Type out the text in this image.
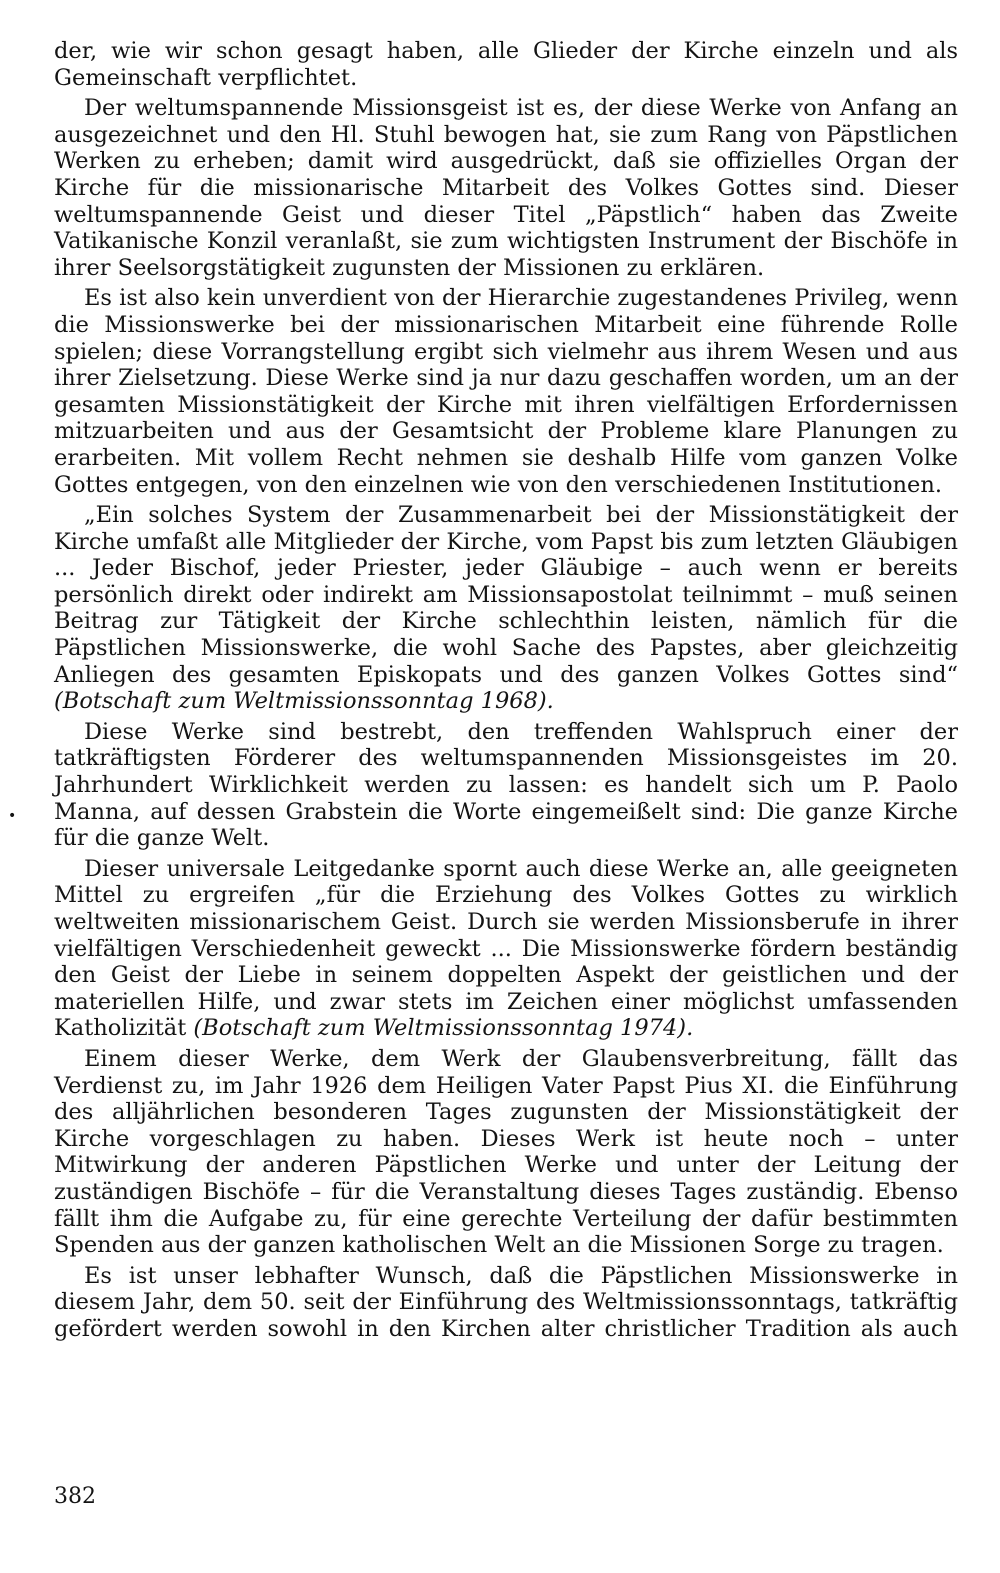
•

der, wie wir schon gesagt haben, alle Glieder der Kirche einzeln und als Gemeinschaft verpflichtet.

Der weltumspannende Missionsgeist ist es, der diese Werke von Anfang an ausgezeichnet und den Hl. Stuhl bewogen hat, sie zum Rang von Päpstlichen Werken zu erheben; damit wird ausgedrückt, daß sie offizielles Organ der Kirche für die missionarische Mitarbeit des Volkes Gottes sind. Dieser weltumspannende Geist und dieser Titel „Päpstlich“ haben das Zweite Vatikanische Konzil veranlaßt, sie zum wichtigsten Instrument der Bischöfe in ihrer Seelsorgstätigkeit zugunsten der Missionen zu erklären.

Es ist also kein unverdient von der Hierarchie zugestandenes Privileg, wenn die Missionswerke bei der missionarischen Mitarbeit eine führende Rolle spielen; diese Vorrangstellung ergibt sich vielmehr aus ihrem Wesen und aus ihrer Zielsetzung. Diese Werke sind ja nur dazu geschaffen worden, um an der gesamten Missionstätigkeit der Kirche mit ihren vielfältigen Erfordernissen mitzuarbeiten und aus der Gesamtsicht der Probleme klare Planungen zu erarbeiten. Mit vollem Recht nehmen sie deshalb Hilfe vom ganzen Volke Gottes entgegen, von den einzelnen wie von den verschiedenen Institutionen.

„Ein solches System der Zusammenarbeit bei der Missionstätigkeit der Kirche umfaßt alle Mitglieder der Kirche, vom Papst bis zum letzten Gläubigen ... Jeder Bischof, jeder Priester, jeder Gläubige – auch wenn er bereits persönlich direkt oder indirekt am Missionsapostolat teilnimmt – muß seinen Beitrag zur Tätigkeit der Kirche schlechthin leisten, nämlich für die Päpstlichen Missionswerke, die wohl Sache des Papstes, aber gleichzeitig Anliegen des gesamten Episkopats und des ganzen Volkes Gottes sind“ (Botschaft zum Weltmissionssonntag 1968).

Diese Werke sind bestrebt, den treffenden Wahlspruch einer der tatkräftigsten Förderer des weltumspannenden Missionsgeistes im 20. Jahrhundert Wirklichkeit werden zu lassen: es handelt sich um P. Paolo Manna, auf dessen Grabstein die Worte eingemeißelt sind: Die ganze Kirche für die ganze Welt.

Dieser universale Leitgedanke spornt auch diese Werke an, alle geeigneten Mittel zu ergreifen „für die Erziehung des Volkes Gottes zu wirklich weltweiten missionarischem Geist. Durch sie werden Missionsberufe in ihrer vielfältigen Verschiedenheit geweckt ... Die Missionswerke fördern beständig den Geist der Liebe in seinem doppelten Aspekt der geistlichen und der materiellen Hilfe, und zwar stets im Zeichen einer möglichst umfassenden Katholizität (Botschaft zum Weltmissionssonntag 1974).

Einem dieser Werke, dem Werk der Glaubensverbreitung, fällt das Verdienst zu, im Jahr 1926 dem Heiligen Vater Papst Pius XI. die Einführung des alljährlichen besonderen Tages zugunsten der Missionstätigkeit der Kirche vorgeschlagen zu haben. Dieses Werk ist heute noch – unter Mitwirkung der anderen Päpstlichen Werke und unter der Leitung der zuständigen Bischöfe – für die Veranstaltung dieses Tages zuständig. Ebenso fällt ihm die Aufgabe zu, für eine gerechte Verteilung der dafür bestimmten Spenden aus der ganzen katholischen Welt an die Missionen Sorge zu tragen.

Es ist unser lebhafter Wunsch, daß die Päpstlichen Missionswerke in diesem Jahr, dem 50. seit der Einführung des Weltmissionssonntags, tatkräftig gefördert werden sowohl in den Kirchen alter christlicher Tradition als auch

382
